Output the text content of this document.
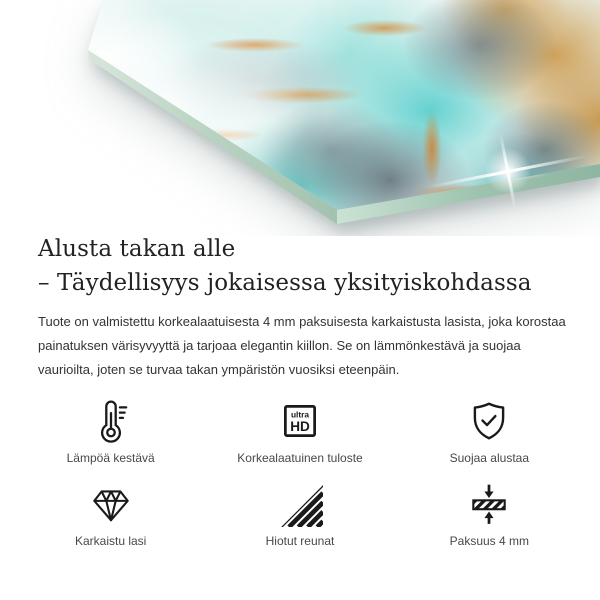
Alusta takan alle
– Täydellisyys jokaisessa yksityiskohdassa

Tuote on valmistettu korkealaatuisesta 4 mm paksuisesta karkaistusta lasista, joka korostaa painatuksen värisyvyyttä ja tarjoaa elegantin kiillon. Se on lämmönkestävä ja suojaa vaurioilta, joten se turvaa takan ympäristön vuosiksi eteenpäin.

Lämpöä kestävä
ultra
HD
Korkealaatuinen tuloste	Suojaa alustaa
Karkaistu lasi	Hiotut reunat	Paksuus 4 mm
